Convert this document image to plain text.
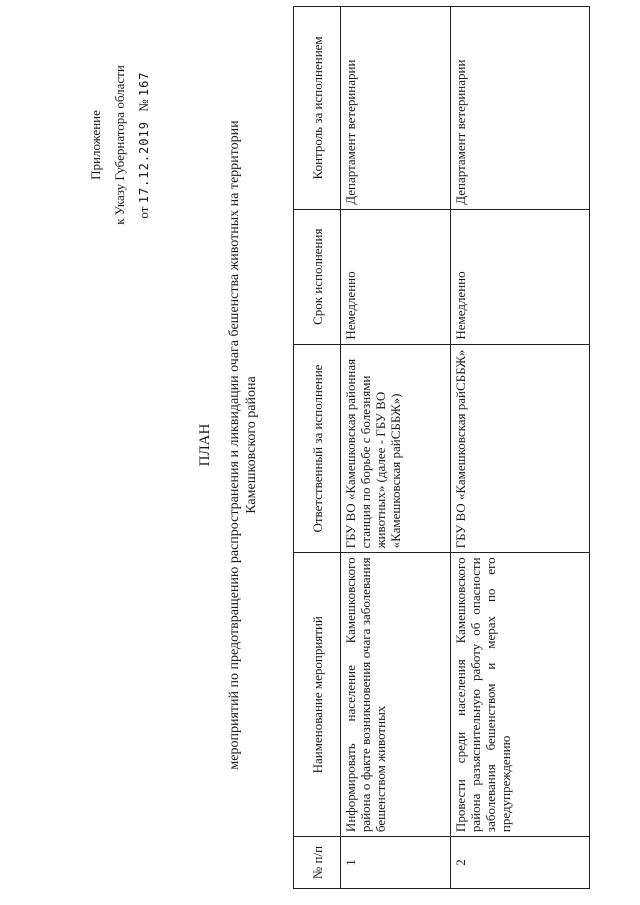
Приложение к Указу Губернатора области от 17.12.2019 № 167
ПЛАН мероприятий по предотвращению распространения и ликвидации очага бешенства животных на территории Камешковского района
№ п/п	Наименование мероприятий	Ответственный за исполнение	Срок исполнения	Контроль за исполнением
1	Информировать население Камешковского района о факте возникновения очага заболевания бешенством животных	ГБУ ВО «Камешковская районная станция по борьбе с болезнями животных» (далее - ГБУ ВО «Камешковская райСББЖ»)	Немедленно	Департамент ветеринарии
2	Провести среди населения Камешковского района разъяснительную работу об опасности заболевания бешенством и мерах по его предупреждению	ГБУ ВО «Камешковская райСББЖ»	Немедленно	Департамент ветеринарии
